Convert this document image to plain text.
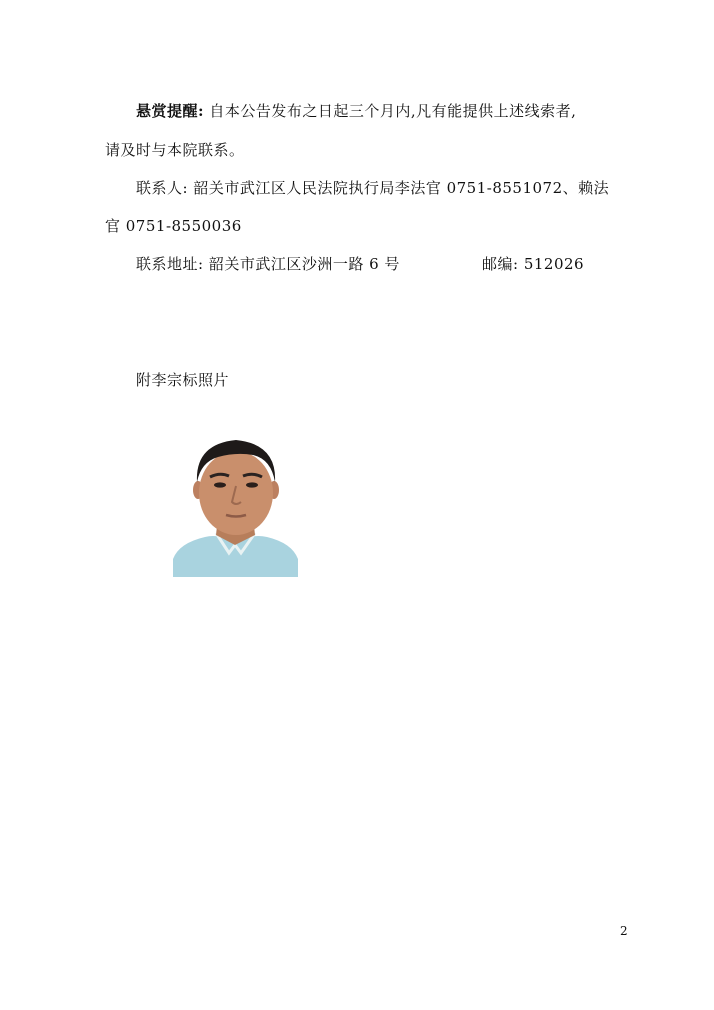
悬赏提醒: 自本公告发布之日起三个月内,凡有能提供上述线索者,
请及时与本院联系。
联系人: 韶关市武江区人民法院执行局李法官 0751-8551072、赖法
官 0751-8550036
联系地址: 韶关市武江区沙洲一路 6 号	邮编: 512026
附李宗标照片
2
